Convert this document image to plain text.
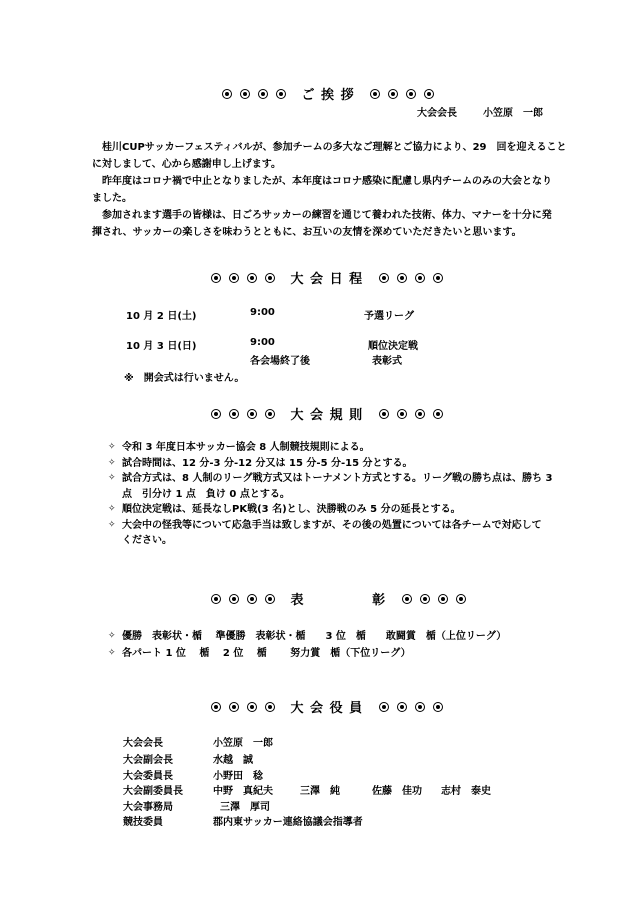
ご 挨 拶
大会会長	小笠原　一郎
桂川CUPサッカーフェスティバルが、参加チームの多大なご理解とご協力により、29　回を迎えること
に対しまして、心から感謝申し上げます。
昨年度はコロナ禍で中止となりましたが、本年度はコロナ感染に配慮し県内チームのみの大会となり
ました。
参加されます選手の皆様は、日ごろサッカーの練習を通じて養われた技術、体力、マナーを十分に発
揮され、サッカーの楽しさを味わうとともに、お互いの友情を深めていただきたいと思います。
大 会 日 程
10 月 2 日(土)	9:00	予選リーグ
10 月 3 日(日)	9:00	順位決定戦
各会場終了後	表彰式
※　開会式は行いません。
大 会 規 則
✧ 令和 3 年度日本サッカー協会 8 人制競技規則による。
✧ 試合時間は、12 分-3 分-12 分又は 15 分-5 分-15 分とする。
✧ 試合方式は、8 人制のリーグ戦方式又はトーナメント方式とする。リーグ戦の勝ち点は、勝ち 3 点　引分け 1 点　負け 0 点とする。
✧ 順位決定戦は、延長なしPK戦(3 名)とし、決勝戦のみ 5 分の延長とする。
✧ 大会中の怪我等について応急手当は致しますが、その後の処置については各チームで対応して　ください。
表	彰
✧ 優勝　表彰状・楯　 準優勝　表彰状・楯　　3 位　楯　　敢闘賞　楯（上位リーグ）
✧ 各パート 1 位　 楯　 2 位　 楯　　 努力賞　楯（下位リーグ）
大 会 役 員
大会会長	小笠原　一郎
大会副会長	水越　誠
大会委員長	小野田　稔
大会副委員長	中野　真紀夫	三澤　純	佐藤　佳功 志村　泰史
大会事務局	三澤　厚司
競技委員	郡内東サッカー連絡協議会指導者
